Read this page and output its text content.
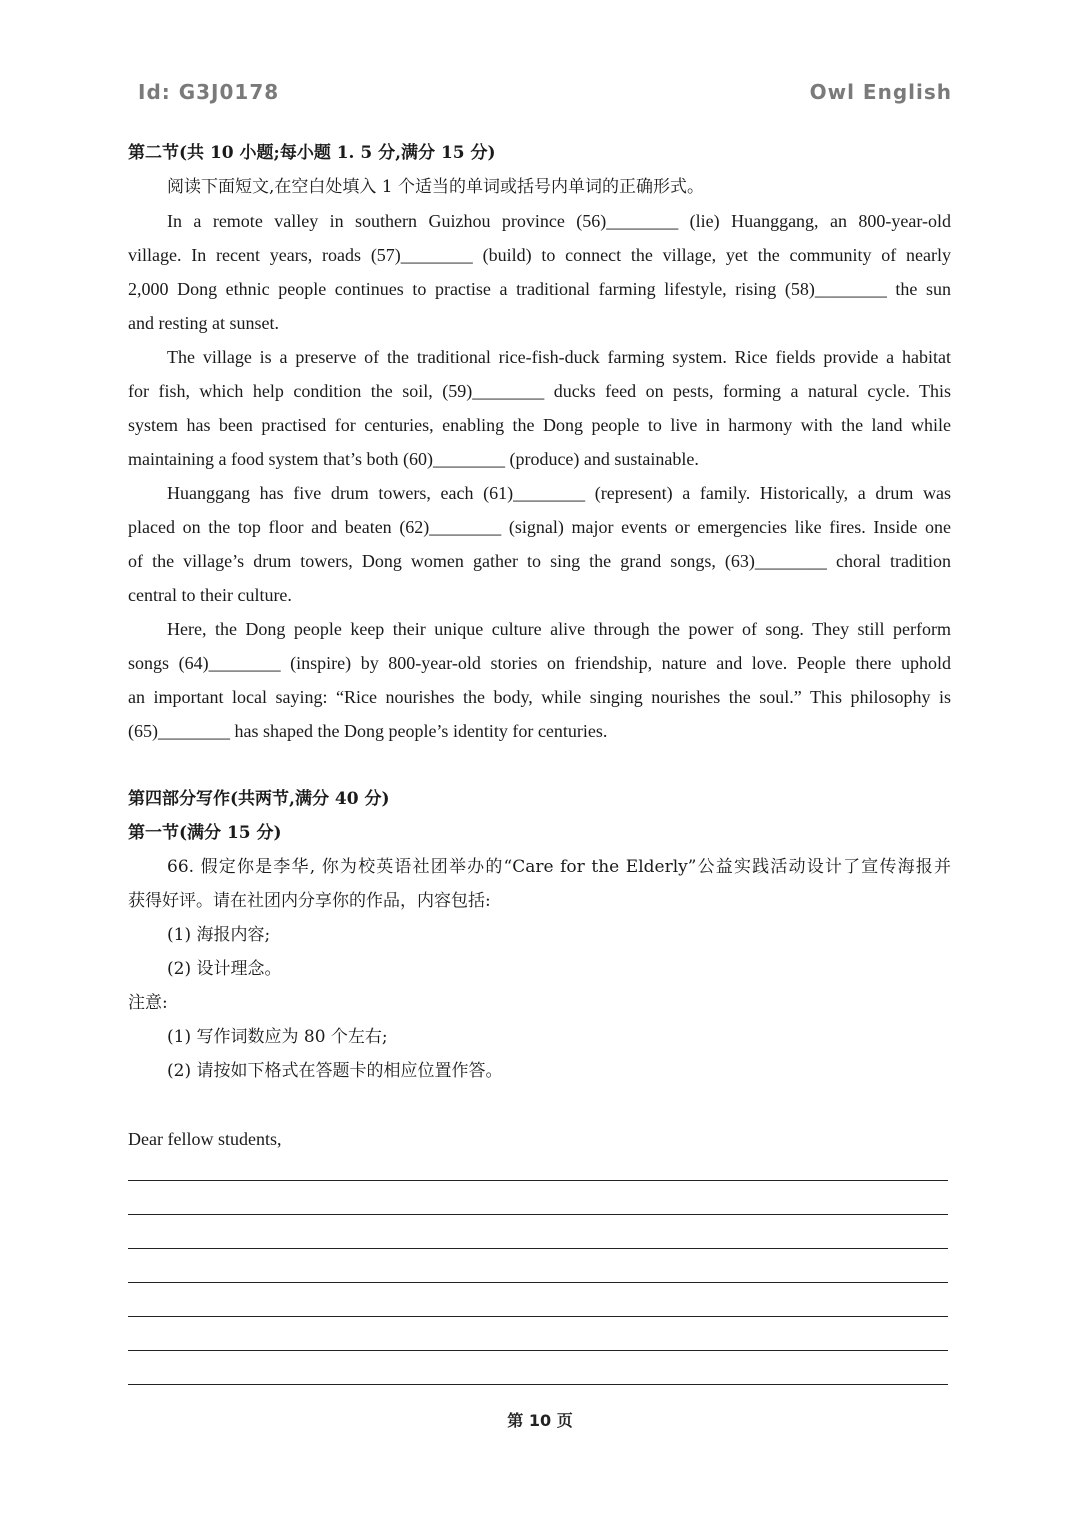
Id: G3J0178	Owl English

第二节(共 10 小题;每小题 1. 5 分,满分 15 分)

阅读下面短文,在空白处填入 1 个适当的单词或括号内单词的正确形式。

In a remote valley in southern Guizhou province (56)________ (lie) Huanggang, an 800-year-old

village. In recent years, roads (57)________ (build) to connect the village, yet the community of nearly

2,000 Dong ethnic people continues to practise a traditional farming lifestyle, rising (58)________ the sun

and resting at sunset.

The village is a preserve of the traditional rice-fish-duck farming system. Rice fields provide a habitat

for fish, which help condition the soil, (59)________ ducks feed on pests, forming a natural cycle. This

system has been practised for centuries, enabling the Dong people to live in harmony with the land while

maintaining a food system that’s both (60)________ (produce) and sustainable.

Huanggang has five drum towers, each (61)________ (represent) a family. Historically, a drum was

placed on the top floor and beaten (62)________ (signal) major events or emergencies like fires. Inside one

of the village’s drum towers, Dong women gather to sing the grand songs, (63)________ choral tradition

central to their culture.

Here, the Dong people keep their unique culture alive through the power of song. They still perform

songs (64)________ (inspire) by 800-year-old stories on friendship, nature and love. People there uphold

an important local saying: “Rice nourishes the body, while singing nourishes the soul.” This philosophy is

(65)________ has shaped the Dong people’s identity for centuries.

第四部分写作(共两节,满分 40 分)

第一节(满分 15 分)

66. 假定你是李华, 你为校英语社团举办的“Care for the Elderly”公益实践活动设计了宣传海报并

获得好评。请在社团内分享你的作品，内容包括:

(1) 海报内容;

(2) 设计理念。

注意:

(1) 写作词数应为 80 个左右;

(2) 请按如下格式在答题卡的相应位置作答。

Dear fellow students,

第 10 页
